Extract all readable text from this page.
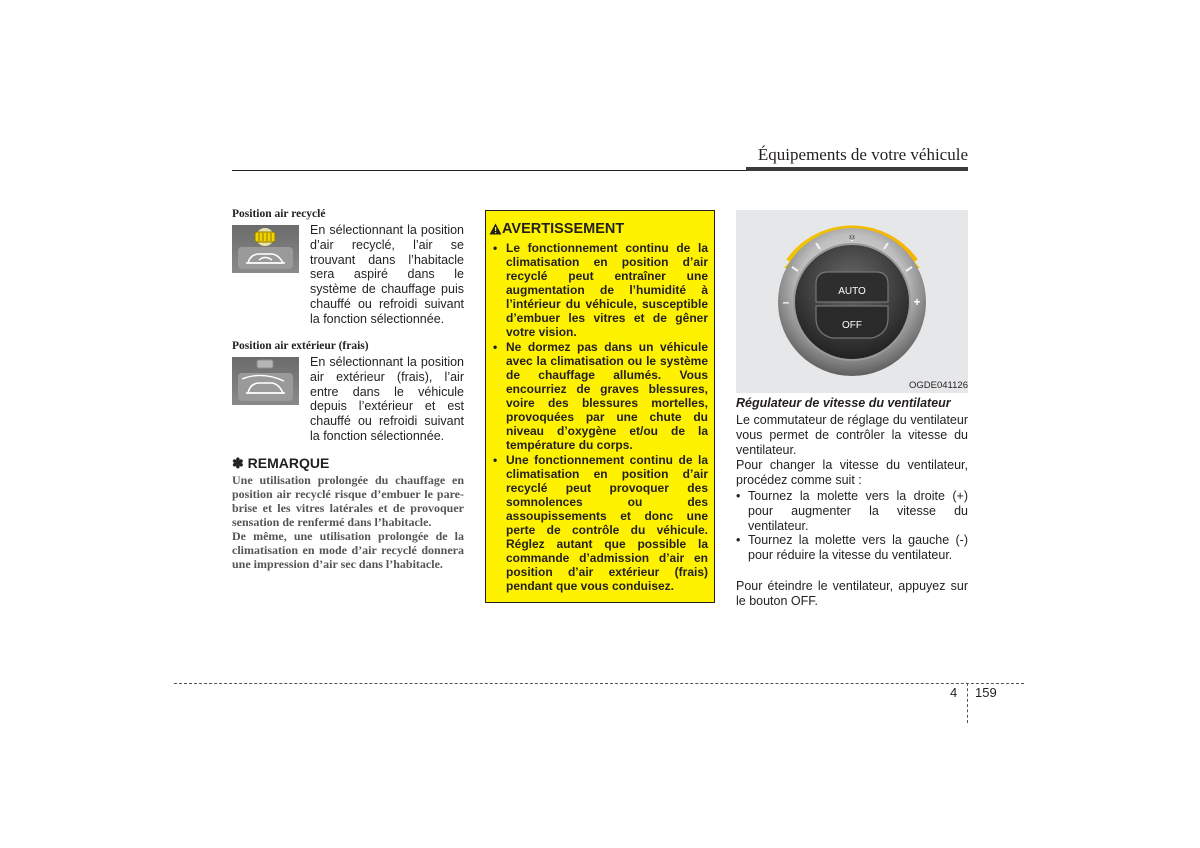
Équipements de votre véhicule
Position air recyclé
En sélectionnant la position d’air recyclé, l’air se trouvant dans l’habitacle sera aspiré dans le système de chauffage puis chauffé ou refroidi suivant la fonction sélectionnée.
Position air extérieur (frais)
En sélectionnant la position air extérieur (frais), l’air entre dans le véhicule depuis l’extérieur et est chauffé ou refroidi suivant la fonction sélectionnée.
✽ REMARQUE

Une utilisation prolongée du chauffage en position air recyclé risque d’embuer le pare-brise et les vitres latérales et de provoquer sensation de renfermé dans l’habitacle.

De même, une utilisation prolongée de la climatisation en mode d’air recyclé donnera une impression d’air sec dans l’habitacle.

AVERTISSEMENT
• Le fonctionnement continu de la climatisation en position d’air recyclé peut entraîner une augmentation de l’humidité à l’intérieur du véhicule, susceptible d’embuer les vitres et de gêner votre vision.
• Ne dormez pas dans un véhicule avec la climatisation ou le système de chauffage allumés. Vous encourriez de graves blessures, voire des blessures mortelles, provoquées par une chute du niveau d’oxygène et/ou de la température du corps.
• Une fonctionnement continu de la climatisation en position d’air recyclé peut provoquer des somnolences ou des assoupissements et donc une perte de contrôle du véhicule. Réglez autant que possible la commande d’admission d’air en position d’air extérieur (frais) pendant que vous conduisez.
✲
–	+
AUTO
OFF
OGDE041126
Régulateur de vitesse du ventilateur

Le commutateur de réglage du ventilateur vous permet de contrôler la vitesse du ventilateur.

Pour changer la vitesse du ventilateur, procédez comme suit :

• Tournez la molette vers la droite (+) pour augmenter la vitesse du ventilateur.
• Tournez la molette vers la gauche (-) pour réduire la vitesse du ventilateur.

Pour éteindre le ventilateur, appuyez sur le bouton OFF.

4 159
